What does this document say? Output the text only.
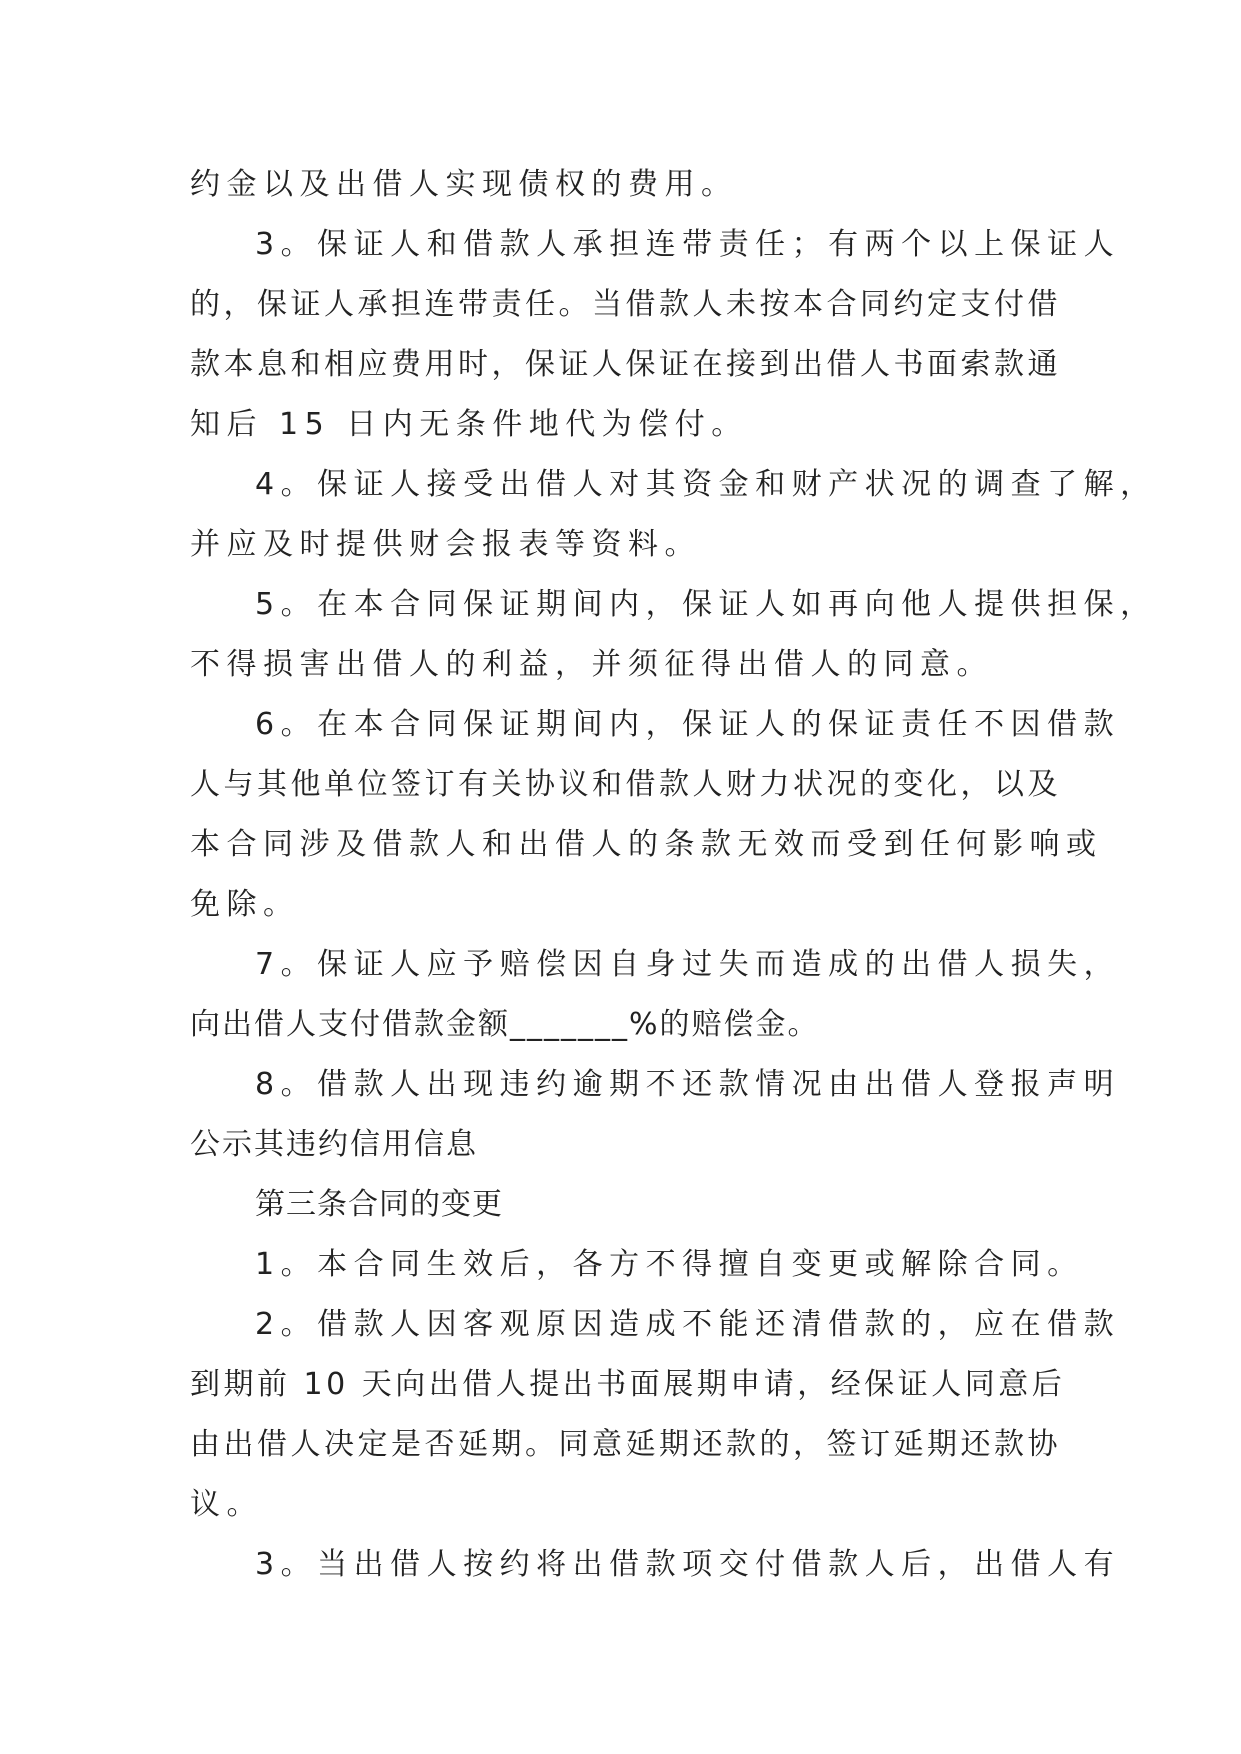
约金以及出借人实现债权的费用。
3。保证人和借款人承担连带责任；有两个以上保证人
的，保证人承担连带责任。当借款人未按本合同约定支付借
款本息和相应费用时，保证人保证在接到出借人书面索款通
知后 15 日内无条件地代为偿付。
4。保证人接受出借人对其资金和财产状况的调查了解，
并应及时提供财会报表等资料。
5。在本合同保证期间内，保证人如再向他人提供担保，
不得损害出借人的利益，并须征得出借人的同意。
6。在本合同保证期间内，保证人的保证责任不因借款
人与其他单位签订有关协议和借款人财力状况的变化，以及
本合同涉及借款人和出借人的条款无效而受到任何影响或
免除。
7。保证人应予赔偿因自身过失而造成的出借人损失，
向出借人支付借款金额_______%的赔偿金。
8。借款人出现违约逾期不还款情况由出借人登报声明
公示其违约信用信息
第三条合同的变更
1。本合同生效后，各方不得擅自变更或解除合同。
2。借款人因客观原因造成不能还清借款的，应在借款
到期前 10 天向出借人提出书面展期申请，经保证人同意后
由出借人决定是否延期。同意延期还款的，签订延期还款协
议。
3。当出借人按约将出借款项交付借款人后，出借人有
